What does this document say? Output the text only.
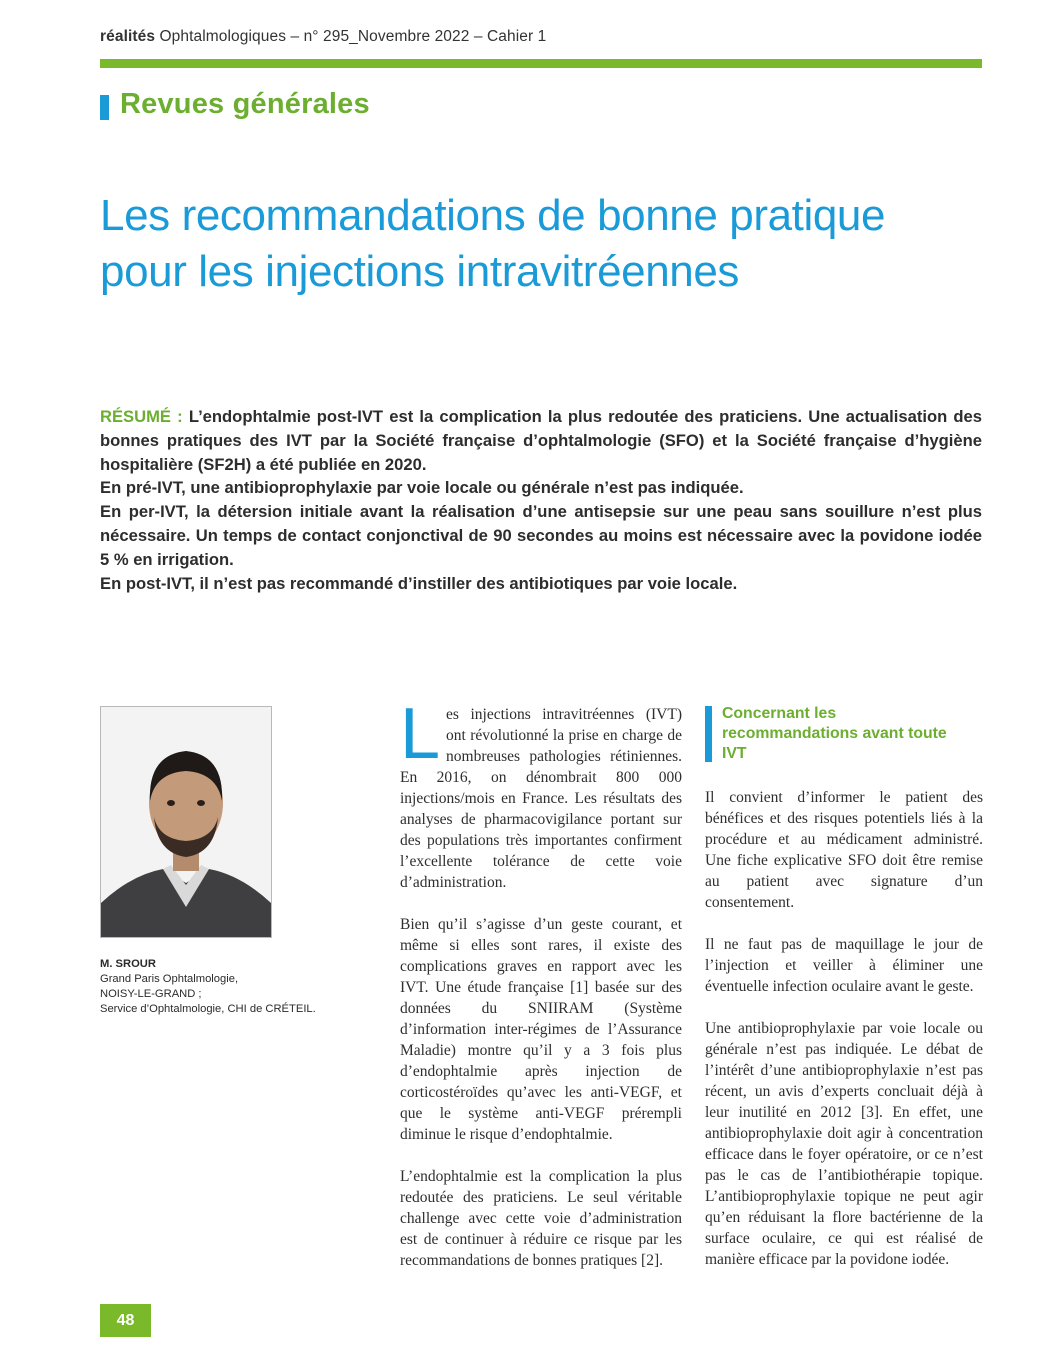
réalités Ophtalmologiques – n° 295_Novembre 2022 – Cahier 1
Revues générales
Les recommandations de bonne pratique
pour les injections intravitréennes

RÉSUMÉ : L’endophtalmie post-IVT est la complication la plus redoutée des praticiens. Une actualisation des bonnes pratiques des IVT par la Société française d’ophtalmologie (SFO) et la Société française d’hygiène hospitalière (SF2H) a été publiée en 2020.

En pré-IVT, une antibioprophylaxie par voie locale ou générale n’est pas indiquée.

En per-IVT, la détersion initiale avant la réalisation d’une antisepsie sur une peau sans souillure n’est plus nécessaire. Un temps de contact conjonctival de 90 secondes au moins est nécessaire avec la povidone iodée 5 % en irrigation.

En post-IVT, il n’est pas recommandé d’instiller des antibiotiques par voie locale.

M. SROUR
Grand Paris Ophtalmologie,
NOISY-LE-GRAND ;
Service d’Ophtalmologie, CHI de CRÉTEIL.

Les injections intravitréennes (IVT) ont révolutionné la prise en charge de nombreuses pathologies rétiniennes. En 2016, on dénombrait 800 000 injections/mois en France. Les résultats des analyses de pharmacovigilance portant sur des populations très importantes confirment l’excellente tolérance de cette voie d’administration.

Bien qu’il s’agisse d’un geste courant, et même si elles sont rares, il existe des complications graves en rapport avec les IVT. Une étude française [1] basée sur des données du SNIIRAM (Système d’information inter-régimes de l’Assurance Maladie) montre qu’il y a 3 fois plus d’endophtalmie après injection de corticostéroïdes qu’avec les anti-VEGF, et que le système anti-VEGF prérempli diminue le risque d’endophtalmie.

L’endophtalmie est la complication la plus redoutée des praticiens. Le seul véritable challenge avec cette voie d’administration est de continuer à réduire ce risque par les recommandations de bonnes pratiques [2].

Concernant les recommandations avant toute IVT

Il convient d’informer le patient des bénéfices et des risques potentiels liés à la procédure et au médicament administré. Une fiche explicative SFO doit être remise au patient avec signature d’un consentement.

Il ne faut pas de maquillage le jour de l’injection et veiller à éliminer une éventuelle infection oculaire avant le geste.

Une antibioprophylaxie par voie locale ou générale n’est pas indiquée. Le débat de l’intérêt d’une antibioprophylaxie n’est pas récent, un avis d’experts concluait déjà à leur inutilité en 2012 [3]. En effet, une antibioprophylaxie doit agir à concentration efficace dans le foyer opératoire, or ce n’est pas le cas de l’antibiothérapie topique. L’antibioprophylaxie topique ne peut agir qu’en réduisant la flore bactérienne de la surface oculaire, ce qui est réalisé de manière efficace par la povidone iodée.

48
